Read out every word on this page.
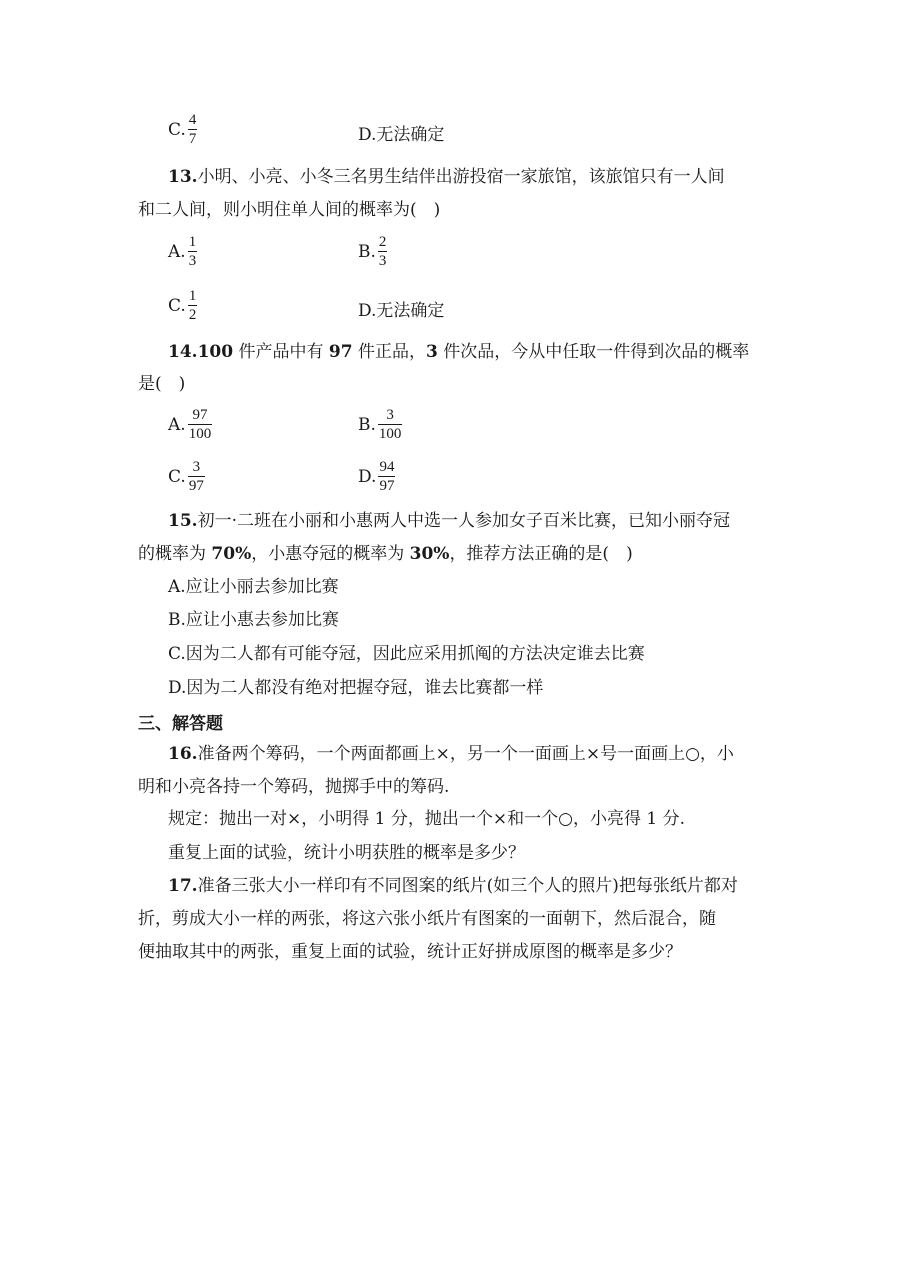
C. $\frac{4}{7}$	D.无法确定
13.小明、小亮、小冬三名男生结伴出游投宿一家旅馆，该旅馆只有一人间
和二人间，则小明住单人间的概率为(　)
A. $\frac{1}{3}$	B. $\frac{2}{3}$
C. $\frac{1}{2}$	D.无法确定
14.100 件产品中有 97 件正品，3 件次品，今从中任取一件得到次品的概率
是(　)
A. $\frac{97}{100}$	B. $\frac{3}{100}$
C. $\frac{3}{97}$	D. $\frac{94}{97}$
15.初一·二班在小丽和小惠两人中选一人参加女子百米比赛，已知小丽夺冠
的概率为 70%，小惠夺冠的概率为 30%，推荐方法正确的是(　)
A.应让小丽去参加比赛
B.应让小惠去参加比赛
C.因为二人都有可能夺冠，因此应采用抓阄的方法决定谁去比赛
D.因为二人都没有绝对把握夺冠，谁去比赛都一样
三、解答题
16.准备两个筹码，一个两面都画上×，另一个一面画上×号一面画上○，小
明和小亮各持一个筹码，抛掷手中的筹码.
规定：抛出一对×，小明得 1 分，抛出一个×和一个○，小亮得 1 分.
重复上面的试验，统计小明获胜的概率是多少？
17.准备三张大小一样印有不同图案的纸片(如三个人的照片)把每张纸片都对
折，剪成大小一样的两张，将这六张小纸片有图案的一面朝下，然后混合，随
便抽取其中的两张，重复上面的试验，统计正好拼成原图的概率是多少？
